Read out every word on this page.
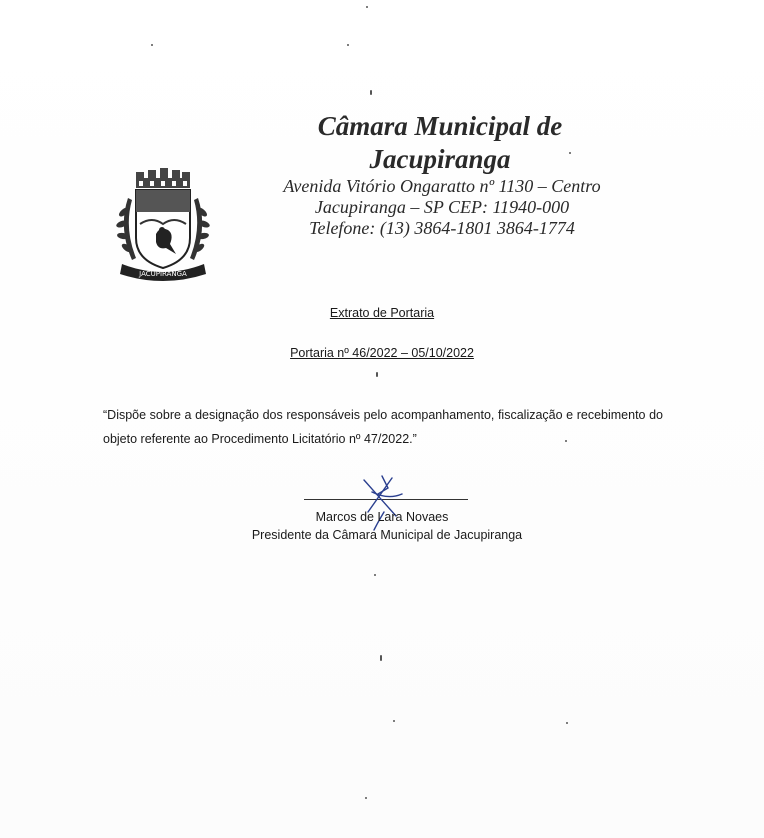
JACUPIRANGA
Câmara Municipal de
Jacupiranga
Avenida Vitório Ongaratto nº 1130 – Centro
Jacupiranga – SP CEP: 11940-000
Telefone: (13) 3864-1801 3864-1774
Extrato de Portaria
Portaria nº 46/2022 – 05/10/2022
“Dispõe sobre a designação dos responsáveis pelo acompanhamento, fiscalização e recebimento do objeto referente ao Procedimento Licitatório nº 47/2022.”
Marcos de Lara Novaes
Presidente da Câmara Municipal de Jacupiranga
